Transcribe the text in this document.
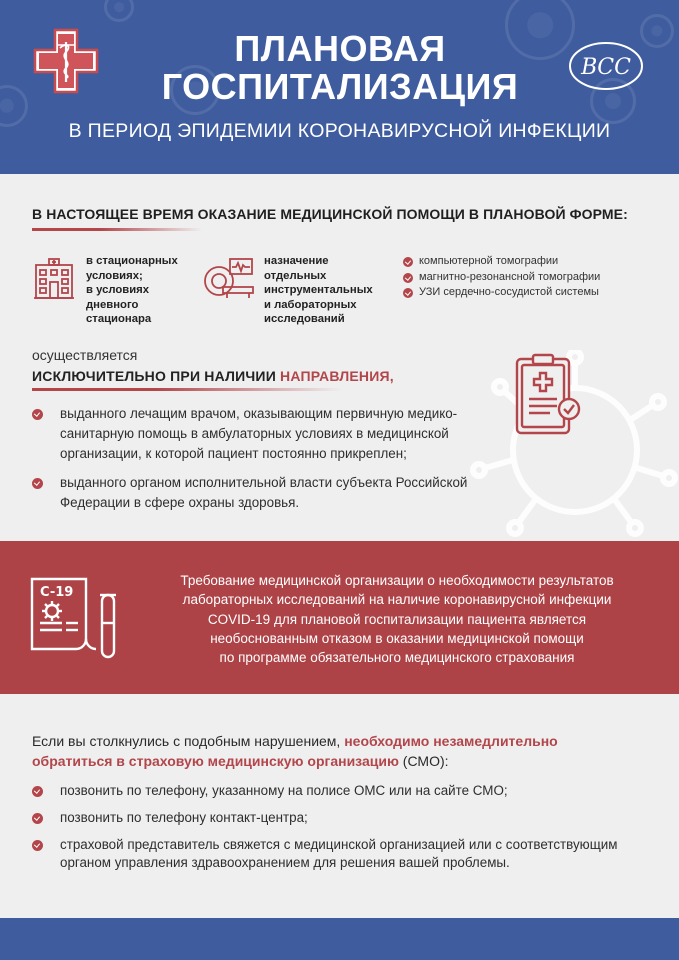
ПЛАНОВАЯ
ГОСПИТАЛИЗАЦИЯ
В ПЕРИОД ЭПИДЕМИИ КОРОНАВИРУСНОЙ ИНФЕКЦИИ
ВСС
В НАСТОЯЩЕЕ ВРЕМЯ ОКАЗАНИЕ МЕДИЦИНСКОЙ ПОМОЩИ В ПЛАНОВОЙ ФОРМЕ:
в стационарных
условиях;
в условиях
дневного
стационара
назначение
отдельных
инструментальных
и лабораторных
исследований
компьютерной томографии
магнитно-резонансной томографии
УЗИ сердечно-сосудистой системы
осуществляется
ИСКЛЮЧИТЕЛЬНО ПРИ НАЛИЧИИ НАПРАВЛЕНИЯ,
выданного лечащим врачом, оказывающим первичную медико-санитарную помощь в амбулаторных условиях в медицинской организации, к которой пациент постоянно прикреплен;
выданного органом исполнительной власти субъекта Российской Федерации в сфере охраны здоровья.
C-19
Требование медицинской организации о необходимости результатов
лабораторных исследований на наличие коронавирусной инфекции
COVID-19 для плановой госпитализации пациента является
необоснованным отказом в оказании медицинской помощи
по программе обязательного медицинского страхования
Если вы столкнулись с подобным нарушением, необходимо незамедлительно обратиться в страховую медицинскую организацию (СМО):
позвонить по телефону, указанному на полисе ОМС или на сайте СМО;
позвонить по телефону контакт-центра;
страховой представитель свяжется с медицинской организацией или с соответствующим органом управления здравоохранением для решения вашей проблемы.
